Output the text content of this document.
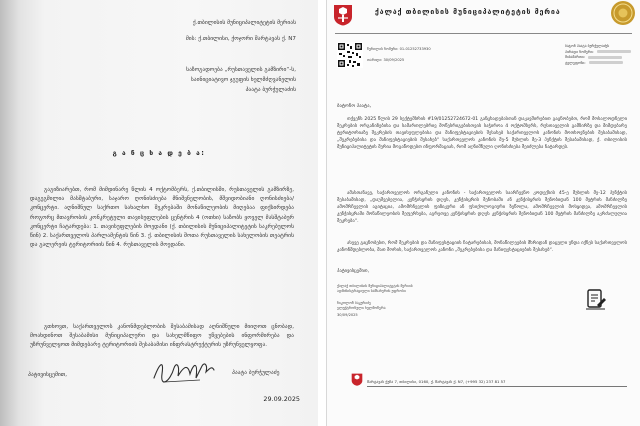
ქ.თბილისის მუნიციპალიტეტის მერიას
მის: ქ.თბილისი, ქოჯორი შარტავას ქ. N7
საზოგადოება „რუსთაველის გამზირი“-ს,
საინიციატივო ჯგუფის ხელმძღვანელის
პაატა ბურჭულაძის
გ ა ნ ც ხ ა დ ე ბ ა:

გაგიზიარებთ, რომ მიმდინარე წლის 4 ოქტომბერს, ქ.თბილისში, რუსთაველის გამზირზე, დაგეგმილია მასშტაბური, საჯარო ღონისძიება მნიშვნელობის, მშვიდობიანი ღონისძიება/კონცერტი. აღნიშნულ საქრთო სახალხო შეკრებაში მონაწილეობის მიღებაა ფიქსირდება როგორც მთავრობის კონკრეტული თავისუფლების ცენტრის 4 (ოთხი) საზობს ყოველ მასშტაბურ კონცერტი ჩატარდება: 1. თავისუფლების მოედანი (ქ. თბილისის მუნიციპალიტეტის საკრებულოს წინ) 2. საქართველოს პარლამენტის წინ 3. ქ. თბილისის შოთა რუსთაველის სახელობის თეატრის და გალერეის ტერიტორიის წინ 4. რუსთაველის მოედანი.

გთხოვთ, საქართველოს კანონმდებლობის შესაბამისად აღნიშნული მიიღოთ ცნობად, მოახდინოთ შესაბამისი მუნიციპალური და სახელმწიფო უწყებების ინფორმირება და უზრუნველყოთ მიმდებარე ტერიტორიის შესაბამისი ინფრასტრუქტურის უზრუნველყოფა.

პატივისცემით,	პაატა ბურჭულაძე
29.09.2025
ქალაქ თბილისის მუნიციპალიტეტის მერია
წერილის ნომერი: 01-01252733930
თარიღი: 30/09/2025
ბატონ პაატა ბურჭულაძეს
პირადი ნომერი:
მისამართი:
ტელეფონი:
ბატონო პაატა,

თქვენს 2025 წლის 29 სექტემბრის #19/01252724672-01 განცხადებასთან დაკავშირებით გაცნობებთ, რომ მოსალოდნელი შეკრების ორგანიზებისა და სამართლებრივ მოწესრიგებისთვის საჭიროა 4 ოქტომბერს, რუსთაველის გამზირზე და მიმდებარე ტერიტორიაზე შეკრების თავისუფლებისა და მანიფესტაციების შესახებ საქართველოს კანონის მოთხოვნების შესაბამისად, „შეკრებებისა და მანიფესტაციების შესახებ“ საქართველოს კანონის მე-5 მუხლის მე-3 პუნქტის შესაბამისად, ქ. თბილისის მუნიციპალიტეტის მერია მოგაწოდებთ ინფორმაციას, რომ აღნიშნული ღონისძიება შეიძლება ჩატარდეს.

ამასთანავე, საქართველოს ორგანული კანონის - საქართველოს საარჩევნო კოდექსის 45-ე მუხლის მე-12 პუნქტის შესაბამისად, „დაუშვებელია, კენჭისყრის დღეს, კენჭისყრის შენობაში ან კენჭისყრის შენობიდან 100 მეტრის მანძილზე ამომრჩევლის აგიტაცია, ამომრჩევლის ფიზიკური ან ფსიქოლოგიური ზეწოლა, ამომრჩევლის მოსყიდვა, ამომრჩევლის კენჭისყრაში მონაწილეობის შეფერხება, აგრეთვე კენჭისყრის დღეს კენჭისყრის შენობიდან 100 მეტრის მანძილზე აკრძალულია შეკრება“.

ასევე გაცნობებთ, რომ შეკრების და მანიფესტაციის ჩატარებისას, მონაწილეების მხრიდან დაცული უნდა იქნეს საქართველოს კანონმდებლობა, მათ შორის, საქართველოს კანონი „შეკრებებისა და მანიფესტაციების შესახებ“.

პატივისცემით,
ქალაქ თბილისის მუნიციპალიტეტის მერიის
ადმინისტრაციული სამსახურის უფროსი
ნიკოლოზ ბაკურიძე
ელექტრონული ხელმოწერა
30/09/2025
შარტავას ქუჩა 7, თბილისი, 0160, ქ. შარტავას ქ. N7, (+995 32) 237 81 57
